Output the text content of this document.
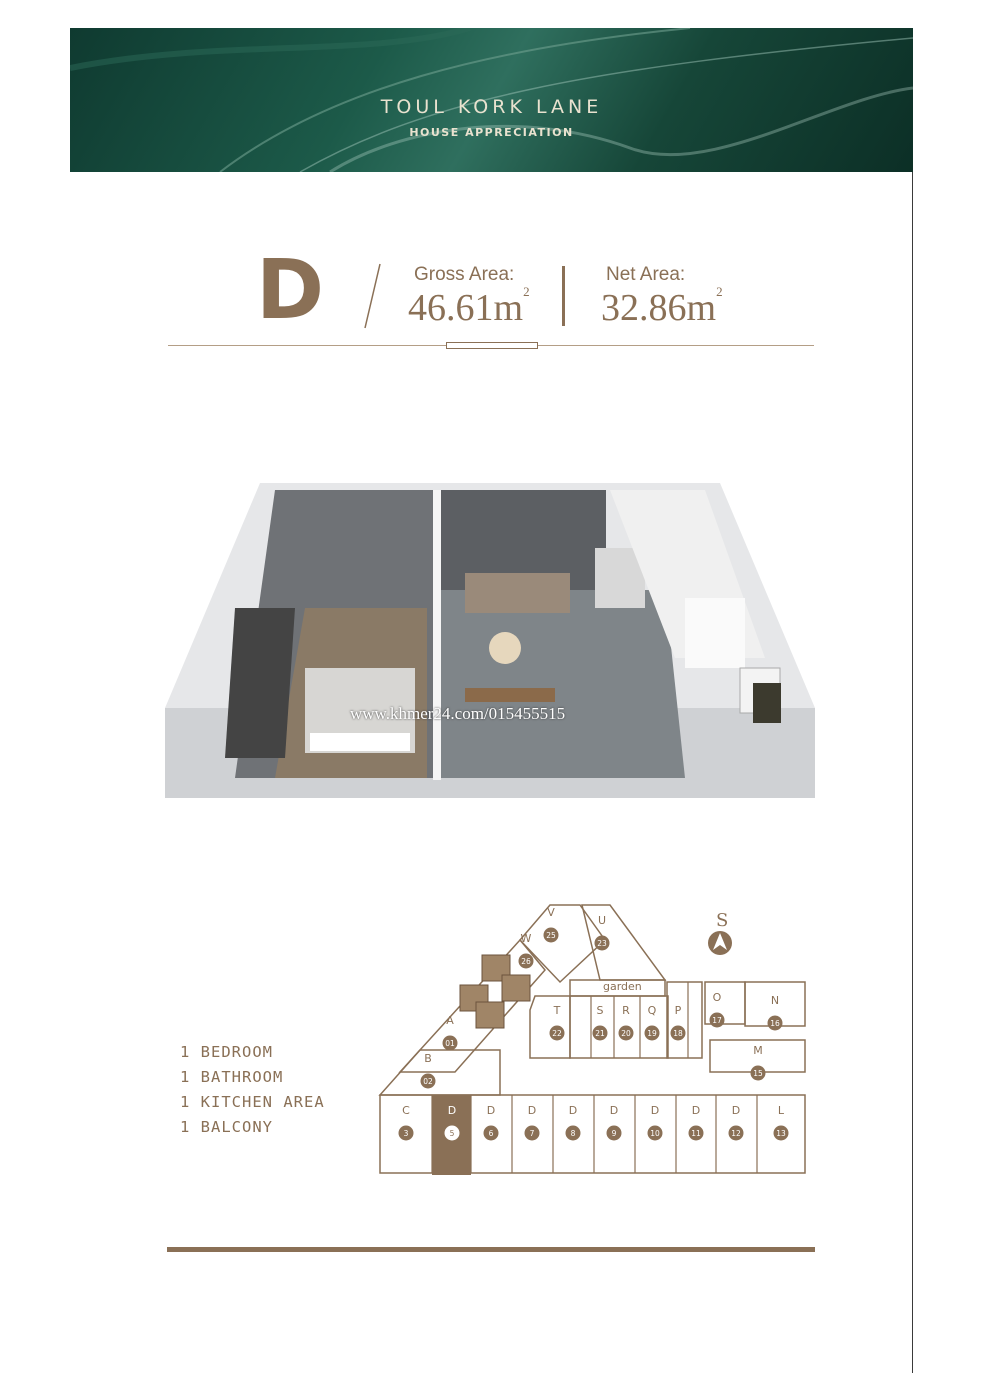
TOUL KORK LANE
HOUSE APPRECIATION
D	Gross Area:
$46.61m^2$
Net Area:
$32.86m^2$
www.khmer24.com/015455515
1 BEDROOM
1 BATHROOM
1 KITCHEN AREA
1 BALCONY
S
garden
C
3
D
5
D
6
D
7
D
8
D
9
D
10
D
11
D
12
L
13
M
15
N
16
O
17
P
18
Q
19
R
20
S
21
T
22
U
23
V
25
W
26
A
01
B
02
